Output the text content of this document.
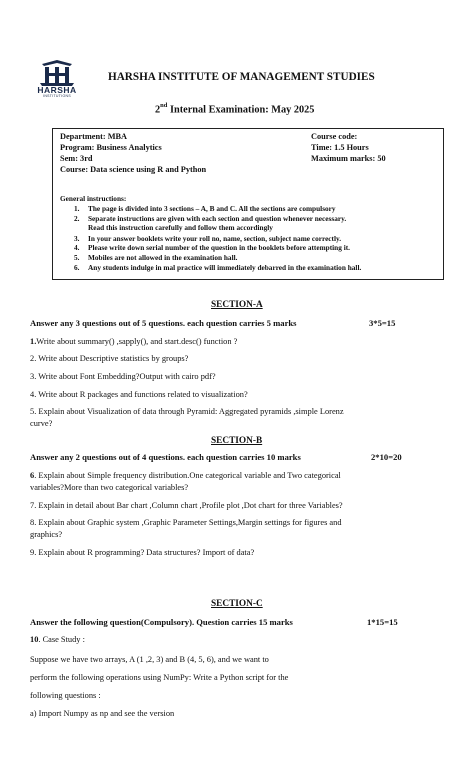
HARSHA
INSTITUTIONS
HARSHA INSTITUTE OF MANAGEMENT STUDIES
2nd Internal Examination: May 2025
Department: MBA
Program: Business Analytics
Sem: 3rd
Course: Data science using R and Python
Course code:
Time: 1.5 Hours
Maximum marks: 50
General instructions:
1. The page is divided into 3 sections – A, B and C. All the sections are compulsory
2. Separate instructions are given with each section and question whenever necessary.
Read this instruction carefully and follow them accordingly
3. In your answer booklets write your roll no, name, section, subject name correctly.
4. Please write down serial number of the question in the booklets before attempting it.
5. Mobiles are not allowed in the examination hall.
6. Any students indulge in mal practice will immediately debarred in the examination hall.
SECTION-A
Answer any 3 questions out of 5 questions. each question carries 5 marks	3*5=15
1.Write about summary() ,sapply(), and start.desc() function ?
2. Write about Descriptive statistics by groups?
3. Write about Font Embedding?Output with cairo pdf?
4. Write about R packages and functions related to visualization?
5. Explain about Visualization of data through Pyramid: Aggregated pyramids ,simple Lorenz
curve?
SECTION-B
Answer any 2 questions out of 4 questions. each question carries 10 marks	2*10=20
6. Explain about Simple frequency distribution.One categorical variable and Two categorical
variables?More than two categorical variables?
7. Explain in detail about Bar chart ,Column chart ,Profile plot ,Dot chart for three Variables?
8. Explain about Graphic system ,Graphic Parameter Settings,Margin settings for figures and
graphics?
9. Explain about R programming? Data structures? Import of data?
SECTION-C
Answer the following question(Compulsory). Question carries 15 marks	1*15=15
10. Case Study :
Suppose we have two arrays, A (1 ,2, 3) and B (4, 5, 6), and we want to
perform the following operations using NumPy: Write a Python script for the
following questions :
a) Import Numpy as np and see the version
